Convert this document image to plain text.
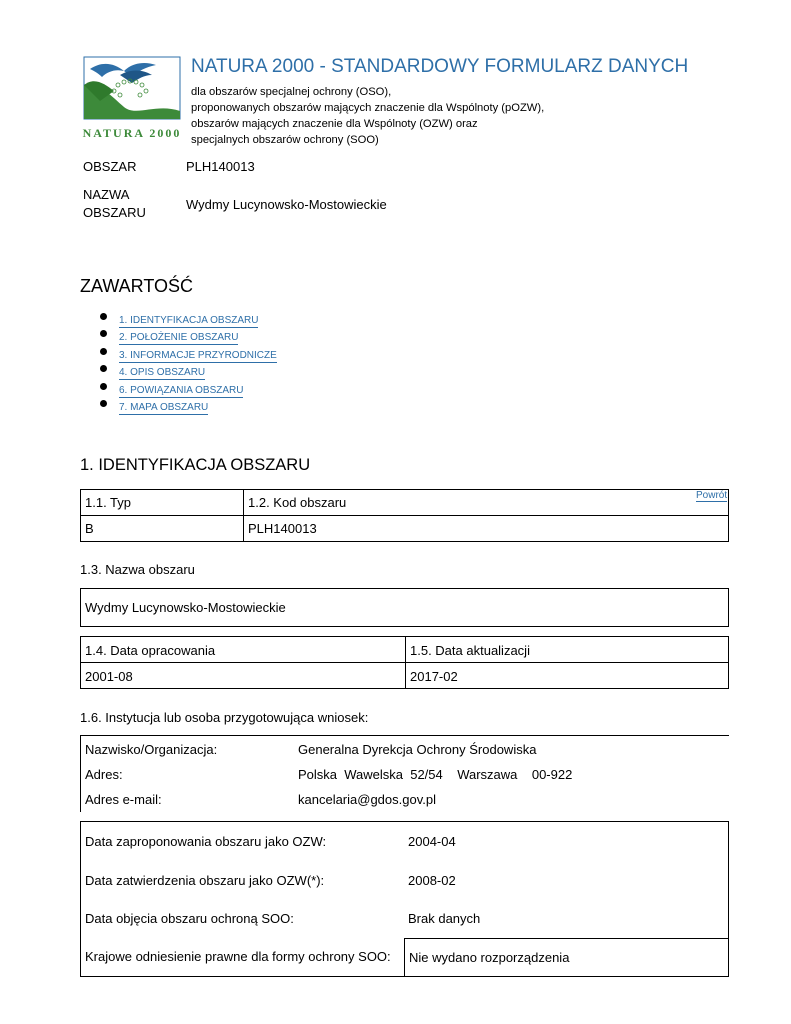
NATURA 2000
NATURA 2000 - STANDARDOWY FORMULARZ DANYCH
dla obszarów specjalnej ochrony (OSO),
proponowanych obszarów mających znaczenie dla Wspólnoty (pOZW),
obszarów mających znaczenie dla Wspólnoty (OZW) oraz
specjalnych obszarów ochrony (SOO)
OBSZAR	PLH140013
NAZWA
OBSZARU
Wydmy Lucynowsko-Mostowieckie
ZAWARTOŚĆ
1. IDENTYFIKACJA OBSZARU
2. POŁOŻENIE OBSZARU
3. INFORMACJE PRZYRODNICZE
4. OPIS OBSZARU
6. POWIĄZANIA OBSZARU
7. MAPA OBSZARU
1. IDENTYFIKACJA OBSZARU
1.1. Typ	1.2. Kod obszaru
B	PLH140013
Powrót
1.3. Nazwa obszaru
Wydmy Lucynowsko-Mostowieckie
1.4. Data opracowania	1.5. Data aktualizacji
2001-08	2017-02
1.6. Instytucja lub osoba przygotowująca wniosek:
Nazwisko/Organizacja:	Generalna Dyrekcja Ochrony Środowiska
Adres:	Polska  Wawelska  52/54    Warszawa    00-922
Adres e-mail:	kancelaria@gdos.gov.pl
Data zaproponowania obszaru jako OZW:	2004-04
Data zatwierdzenia obszaru jako OZW(*):	2008-02
Data objęcia obszaru ochroną SOO:	Brak danych
Krajowe odniesienie prawne dla formy ochrony SOO: Nie wydano rozporządzenia
